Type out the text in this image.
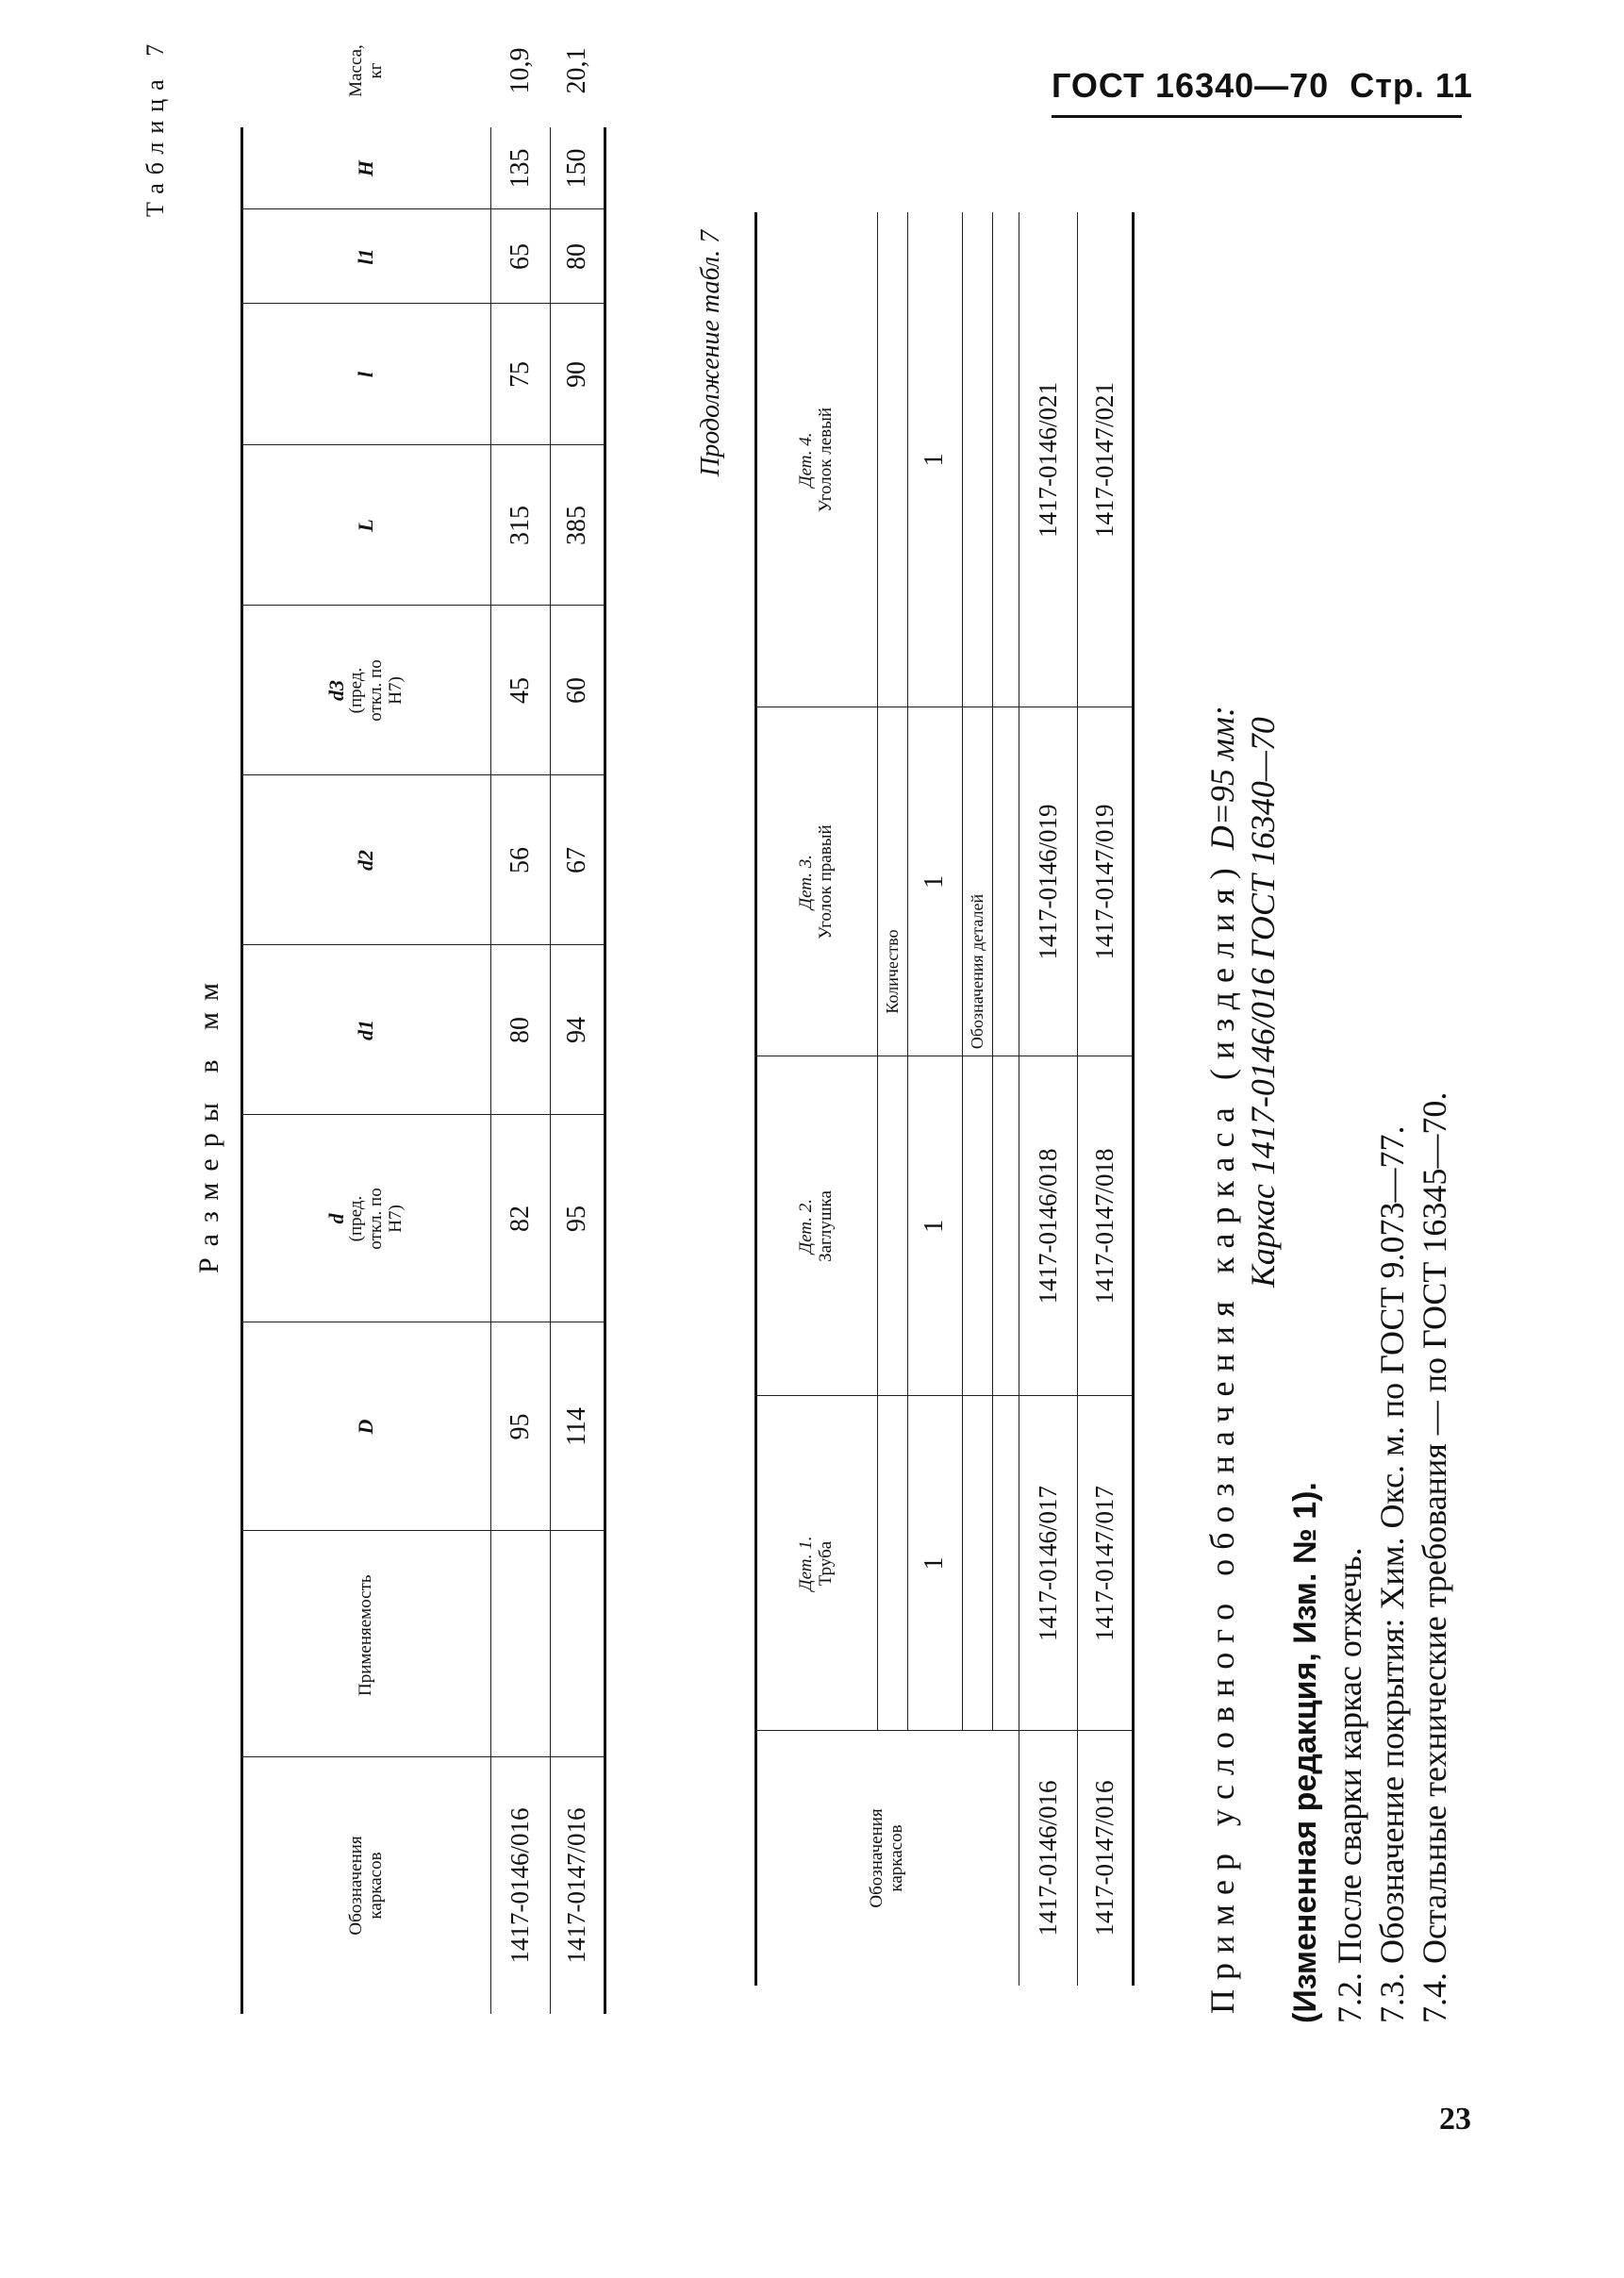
ГОСТ 16340—70 Стр. 11
Таблица 7
Размеры в мм
Обозначения каркасов
Применяемость
D
d
(пред. откл. по Н7)
d1
d2
d3
(пред. откл. по Н7)
L
l
l1
H
Масса, кг
1417-0146/016
95
82
80
56
45
315
75
65
135
10,9
1417-0147/016
114
95
94
67
60
385
90
80
150
20,1
Продолжение табл. 7
Обозначения каркасов
Дет. 1. Труба
Дет. 2. Заглушка
Дет. 3. Уголок правый
Дет. 4. Уголок левый
Количество
1
1
1
1
Обозначения деталей
1417-0146/016
1417-0146/017
1417-0146/018
1417-0146/019
1417-0146/021
1417-0147/016
1417-0147/017
1417-0147/018
1417-0147/019
1417-0147/021
Пример условного обозначения каркаса (изделия) D=95 мм: Каркас 1417-0146/016 ГОСТ 16340—70
(Измененная редакция, Изм. № 1). 7.2. После сварки каркас отжечь. 7.3. Обозначение покрытия: Хим. Окс. м. по ГОСТ 9.073—77. 7.4. Остальные технические требования — по ГОСТ 16345—70.
23
